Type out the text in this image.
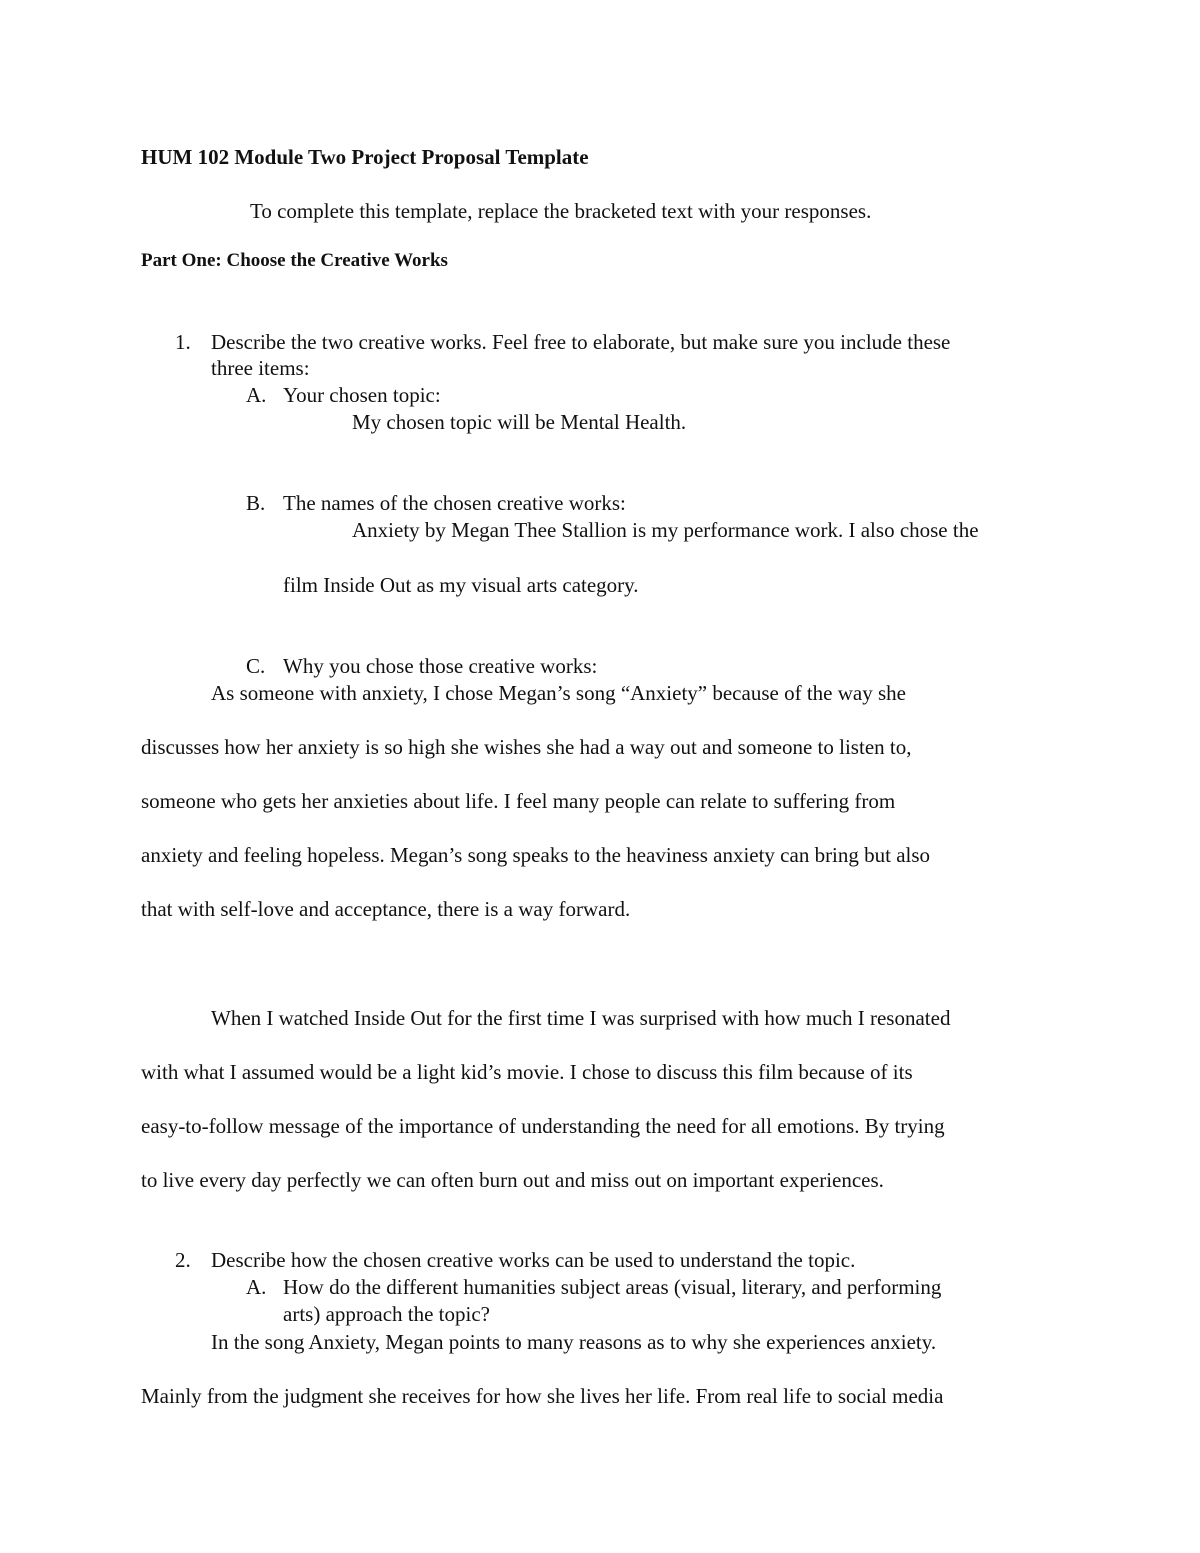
HUM 102 Module Two Project Proposal Template
To complete this template, replace the bracketed text with your responses.
Part One: Choose the Creative Works
1. Describe the two creative works. Feel free to elaborate, but make sure you include these
three items:
A. Your chosen topic:
My chosen topic will be Mental Health.
B. The names of the chosen creative works:
Anxiety by Megan Thee Stallion is my performance work. I also chose the
film Inside Out as my visual arts category.
C. Why you chose those creative works:
As someone with anxiety, I chose Megan’s song “Anxiety” because of the way she
discusses how her anxiety is so high she wishes she had a way out and someone to listen to,
someone who gets her anxieties about life. I feel many people can relate to suffering from
anxiety and feeling hopeless. Megan’s song speaks to the heaviness anxiety can bring but also
that with self-love and acceptance, there is a way forward.
When I watched Inside Out for the first time I was surprised with how much I resonated
with what I assumed would be a light kid’s movie. I chose to discuss this film because of its
easy-to-follow message of the importance of understanding the need for all emotions. By trying
to live every day perfectly we can often burn out and miss out on important experiences.
2. Describe how the chosen creative works can be used to understand the topic.
A. How do the different humanities subject areas (visual, literary, and performing
arts) approach the topic?
In the song Anxiety, Megan points to many reasons as to why she experiences anxiety.
Mainly from the judgment she receives for how she lives her life. From real life to social media
